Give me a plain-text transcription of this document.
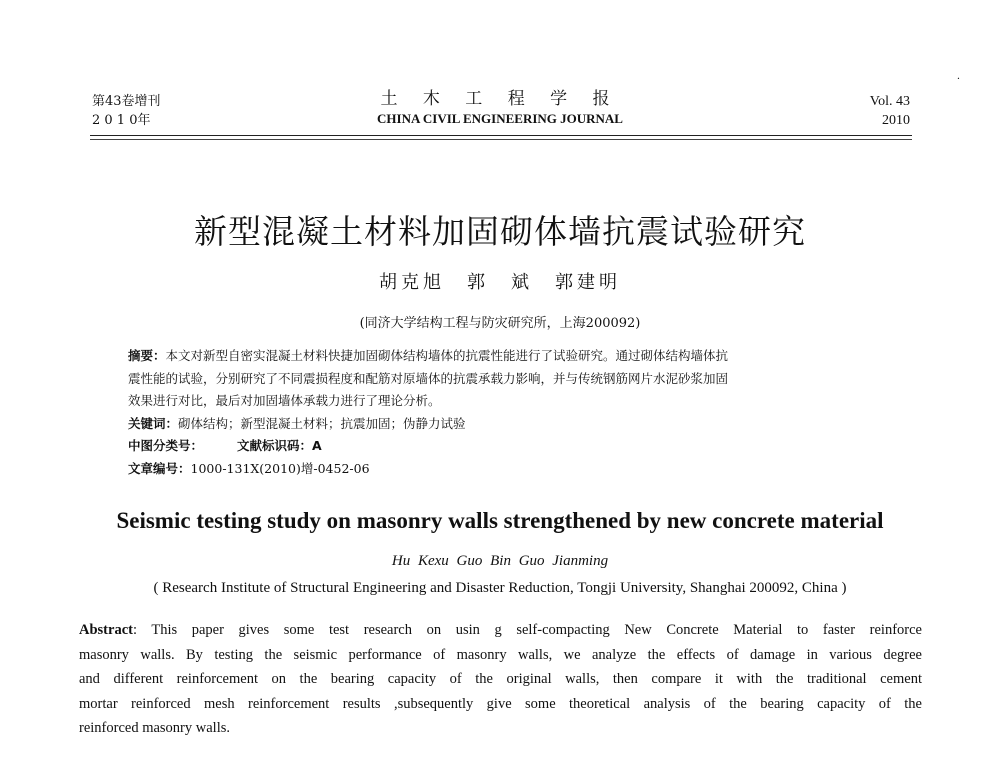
第43卷增刊
2 0 1 0年
土 木 工 程 学 报
CHINA CIVIL ENGINEERING JOURNAL
Vol. 43
2010
·
新型混凝土材料加固砌体墙抗震试验研究
胡克旭　郭　斌　郭建明
(同济大学结构工程与防灾研究所，上海200092)
摘要：本文对新型自密实混凝土材料快捷加固砌体结构墙体的抗震性能进行了试验研究。通过砌体结构墙体抗
震性能的试验，分别研究了不同震损程度和配筋对原墙体的抗震承载力影响，并与传统钢筋网片水泥砂浆加固
效果进行对比，最后对加固墙体承载力进行了理论分析。
关键词：砌体结构；新型混凝土材料；抗震加固；伪静力试验
中图分类号：	文献标识码：A
文章编号：1000-131X(2010)增-0452-06
Seismic testing study on masonry walls strengthened by new concrete material
Hu Kexu Guo Bin Guo Jianming
( Research Institute of Structural Engineering and Disaster Reduction, Tongji University, Shanghai 200092, China )
Abstract: This paper gives some test research on usin g self-compacting New Concrete Material to faster reinforce
masonry walls. By testing the seismic performance of masonry walls, we analyze the effects of damage in various degree
and different reinforcement on the bearing capacity of the original walls, then compare it with the traditional cement
mortar reinforced mesh reinforcement results ,subsequently give some theoretical analysis of the bearing capacity of the
reinforced masonry walls.
